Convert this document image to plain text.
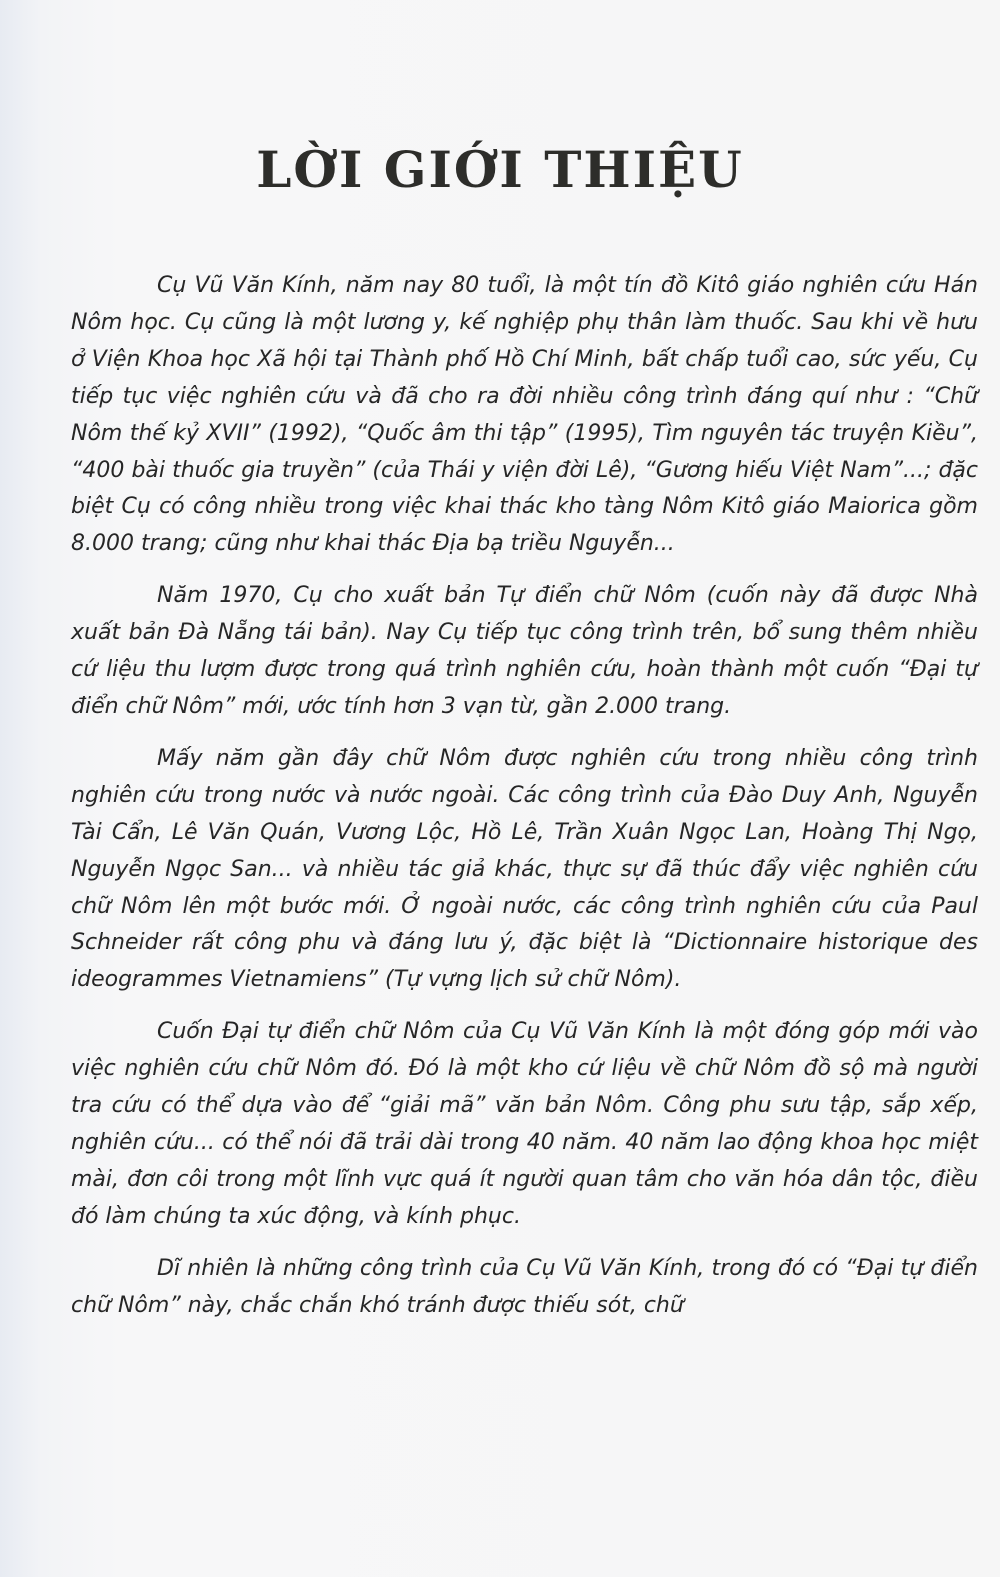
LỜI GIỚI THIỆU

Cụ Vũ Văn Kính, năm nay 80 tuổi, là một tín đồ Kitô giáo nghiên cứu Hán Nôm học. Cụ cũng là một lương y, kế nghiệp phụ thân làm thuốc. Sau khi về hưu ở Viện Khoa học Xã hội tại Thành phố Hồ Chí Minh, bất chấp tuổi cao, sức yếu, Cụ tiếp tục việc nghiên cứu và đã cho ra đời nhiều công trình đáng quí như : “Chữ Nôm thế kỷ XVII” (1992), “Quốc âm thi tập” (1995), Tìm nguyên tác truyện Kiều”, “400 bài thuốc gia truyền” (của Thái y viện đời Lê), “Gương hiếu Việt Nam”...; đặc biệt Cụ có công nhiều trong việc khai thác kho tàng Nôm Kitô giáo Maiorica gồm 8.000 trang; cũng như khai thác Địa bạ triều Nguyễn...

Năm 1970, Cụ cho xuất bản Tự điển chữ Nôm (cuốn này đã được Nhà xuất bản Đà Nẵng tái bản). Nay Cụ tiếp tục công trình trên, bổ sung thêm nhiều cứ liệu thu lượm được trong quá trình nghiên cứu, hoàn thành một cuốn “Đại tự điển chữ Nôm” mới, ước tính hơn 3 vạn từ, gần 2.000 trang.

Mấy năm gần đây chữ Nôm được nghiên cứu trong nhiều công trình nghiên cứu trong nước và nước ngoài. Các công trình của Đào Duy Anh, Nguyễn Tài Cẩn, Lê Văn Quán, Vương Lộc, Hồ Lê, Trần Xuân Ngọc Lan, Hoàng Thị Ngọ, Nguyễn Ngọc San... và nhiều tác giả khác, thực sự đã thúc đẩy việc nghiên cứu chữ Nôm lên một bước mới. Ở ngoài nước, các công trình nghiên cứu của Paul Schneider rất công phu và đáng lưu ý, đặc biệt là “Dictionnaire historique des ideogrammes Vietnamiens” (Tự vựng lịch sử chữ Nôm).

Cuốn Đại tự điển chữ Nôm của Cụ Vũ Văn Kính là một đóng góp mới vào việc nghiên cứu chữ Nôm đó. Đó là một kho cứ liệu về chữ Nôm đồ sộ mà người tra cứu có thể dựa vào để “giải mã” văn bản Nôm. Công phu sưu tập, sắp xếp, nghiên cứu... có thể nói đã trải dài trong 40 năm. 40 năm lao động khoa học miệt mài, đơn côi trong một lĩnh vực quá ít người quan tâm cho văn hóa dân tộc, điều đó làm chúng ta xúc động, và kính phục.

Dĩ nhiên là những công trình của Cụ Vũ Văn Kính, trong đó có “Đại tự điển chữ Nôm” này, chắc chắn khó tránh được thiếu sót, chữ
